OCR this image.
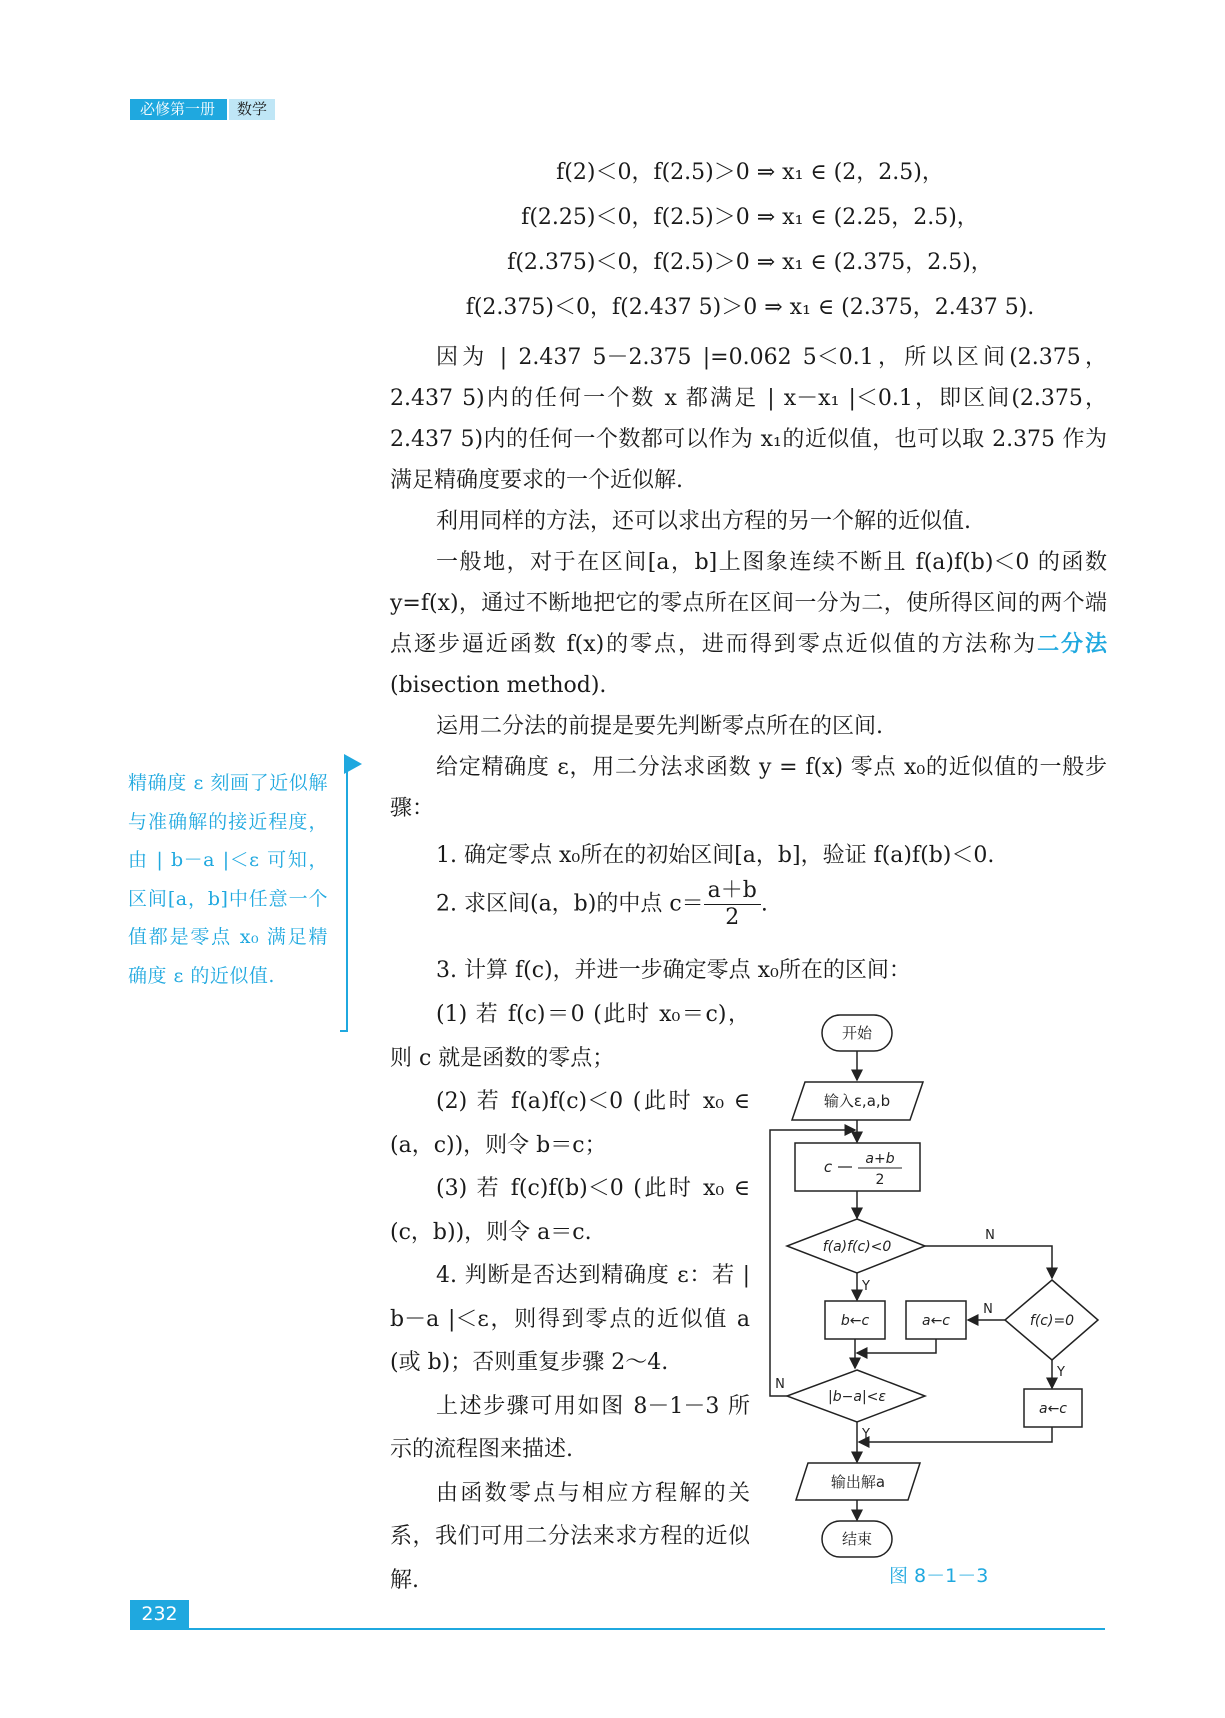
必修第一册	数学
f(2)＜0，f(2.5)＞0 ⇒ x₁ ∈ (2，2.5)，
f(2.25)＜0，f(2.5)＞0 ⇒ x₁ ∈ (2.25，2.5)，
f(2.375)＜0，f(2.5)＞0 ⇒ x₁ ∈ (2.375，2.5)，
f(2.375)＜0，f(2.437 5)＞0 ⇒ x₁ ∈ (2.375，2.437 5).

因为 | 2.437 5－2.375 |=0.062 5＜0.1，所以区间(2.375，2.437 5)内的任何一个数 x 都满足 | x－x₁ |＜0.1，即区间(2.375，2.437 5)内的任何一个数都可以作为 x₁的近似值，也可以取 2.375 作为满足精确度要求的一个近似解.

利用同样的方法，还可以求出方程的另一个解的近似值.

一般地，对于在区间[a，b]上图象连续不断且 f(a)f(b)＜0 的函数 y=f(x)，通过不断地把它的零点所在区间一分为二，使所得区间的两个端点逐步逼近函数 f(x)的零点，进而得到零点近似值的方法称为二分法(bisection method).

运用二分法的前提是要先判断零点所在的区间.

给定精确度 ε，用二分法求函数 y = f(x) 零点 x₀的近似值的一般步骤：

精确度 ε 刻画了近似解与准确解的接近程度，由 | b－a |＜ε 可知，区间[a，b]中任意一个值都是零点 x₀ 满足精确度 ε 的近似值.
1. 确定零点 x₀所在的初始区间[a，b]，验证 f(a)f(b)＜0.
2. 求区间(a，b)的中点 $c= \frac{a+b}{2}$ .
3. 计算 f(c)，并进一步确定零点 x₀所在的区间：

(1) 若 f(c)＝0 (此时 x₀＝c)，则 c 就是函数的零点；

(2) 若 f(a)f(c)＜0 (此时 x₀ ∈ (a，c))，则令 b＝c；

(3) 若 f(c)f(b)＜0 (此时 x₀ ∈ (c，b))，则令 a＝c.

4. 判断是否达到精确度 ε：若 | b－a |＜ε，则得到零点的近似值 a (或 b)；否则重复步骤 2～4.

上述步骤可用如图 8－1－3 所示的流程图来描述.

由函数零点与相应方程解的关系，我们可用二分法来求方程的近似解.

开始
输入ε,a,b
c a+b
2
f(a)f(c)<0
b←c	a←c	f(c)=0
|b−a|<ε
a←c
输出解a
结束
Y
N
N
Y
N
Y
图 8－1－3
232
